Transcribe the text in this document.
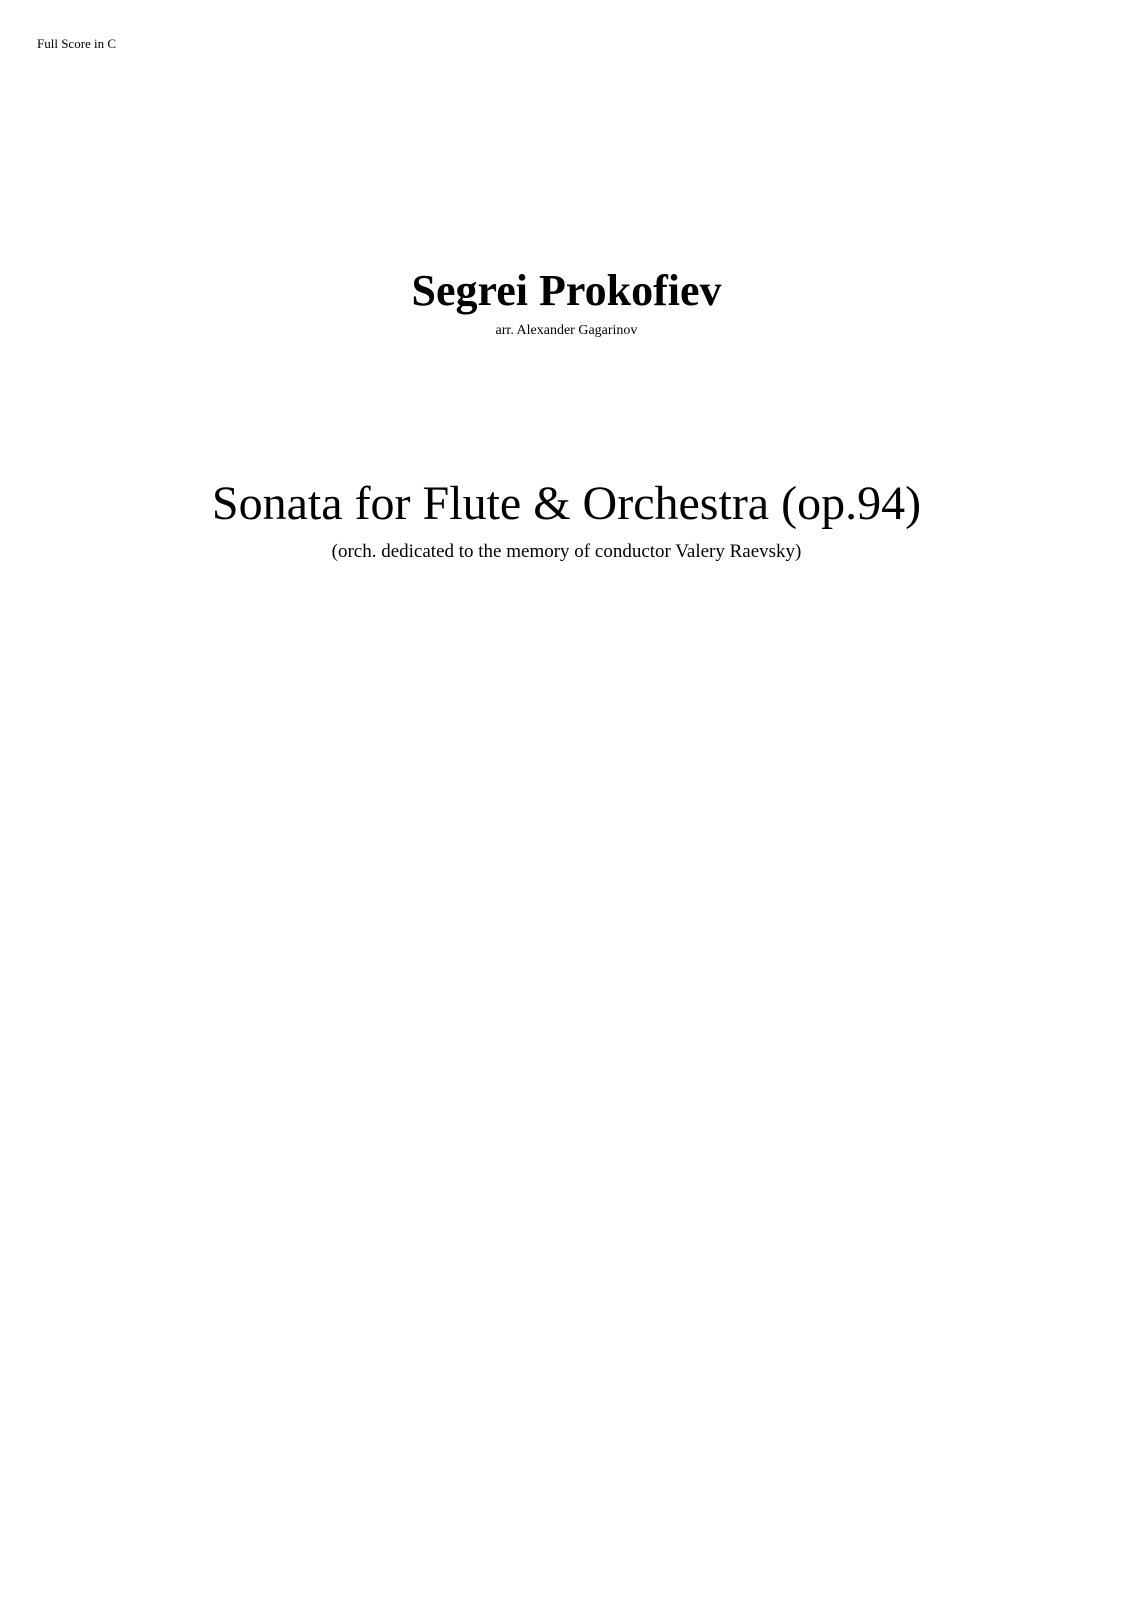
Full Score in C
Segrei Prokofiev
arr. Alexander Gagarinov
Sonata for Flute & Orchestra (op.94)
(orch. dedicated to the memory of conductor Valery Raevsky)
